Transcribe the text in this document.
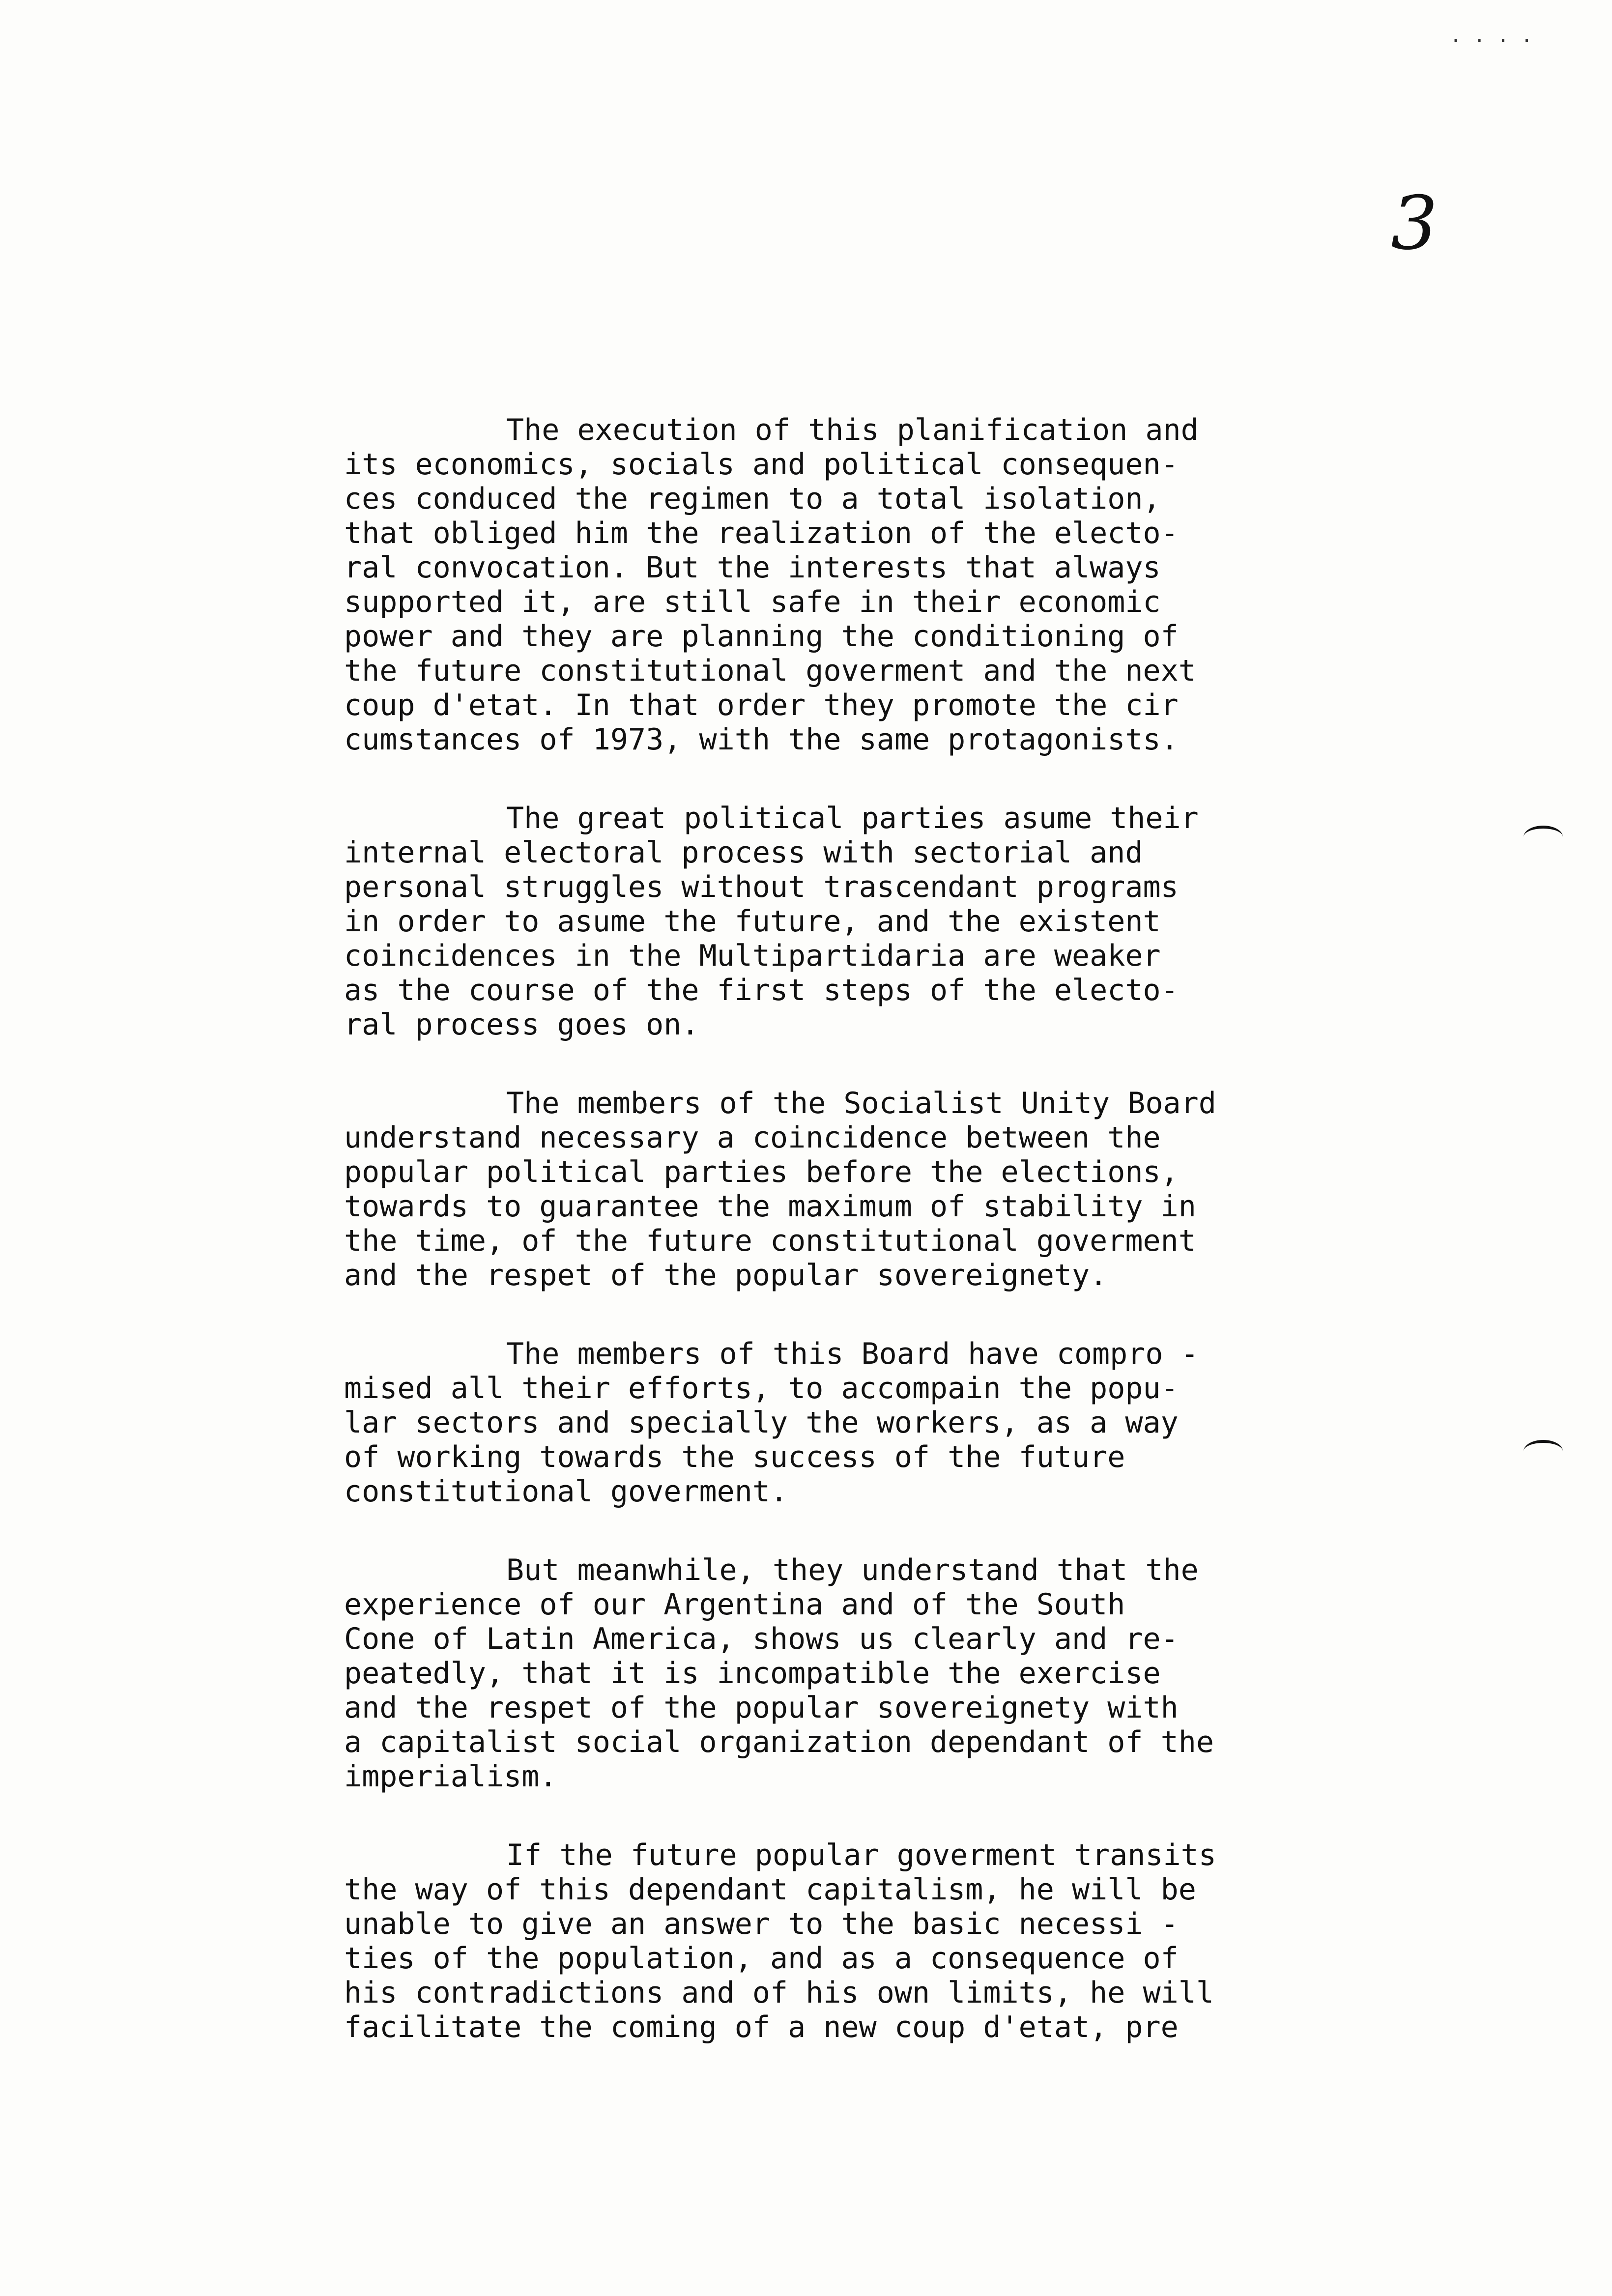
· · · ·
3
The execution of this planification and
its economics, socials and political consequen-
ces conduced the regimen to a total isolation,
that obliged him the realization of the electo-
ral convocation. But the interests that always
supported it, are still safe in their economic
power and they are planning the conditioning of
the future constitutional goverment and the next
coup d'etat. In that order they promote the cir
cumstances of 1973, with the same protagonists.
The great political parties asume their
internal electoral process with sectorial and
personal struggles without trascendant programs
in order to asume the future, and the existent
coincidences in the Multipartidaria are weaker
as the course of the first steps of the electo-
ral process goes on.
The members of the Socialist Unity Board
understand necessary a coincidence between the
popular political parties before the elections,
towards to guarantee the maximum of stability in
the time, of the future constitutional goverment
and the respet of the popular sovereignety.
The members of this Board have compro -
mised all their efforts, to accompain the popu-
lar sectors and specially the workers, as a way
of working towards the success of the future
constitutional goverment.
But meanwhile, they understand that the
experience of our Argentina and of the South
Cone of Latin America, shows us clearly and re-
peatedly, that it is incompatible the exercise
and the respet of the popular sovereignety with
a capitalist social organization dependant of the
imperialism.
If the future popular goverment transits
the way of this dependant capitalism, he will be
unable to give an answer to the basic necessi -
ties of the population, and as a consequence of
his contradictions and of his own limits, he will
facilitate the coming of a new coup d'etat, pre
